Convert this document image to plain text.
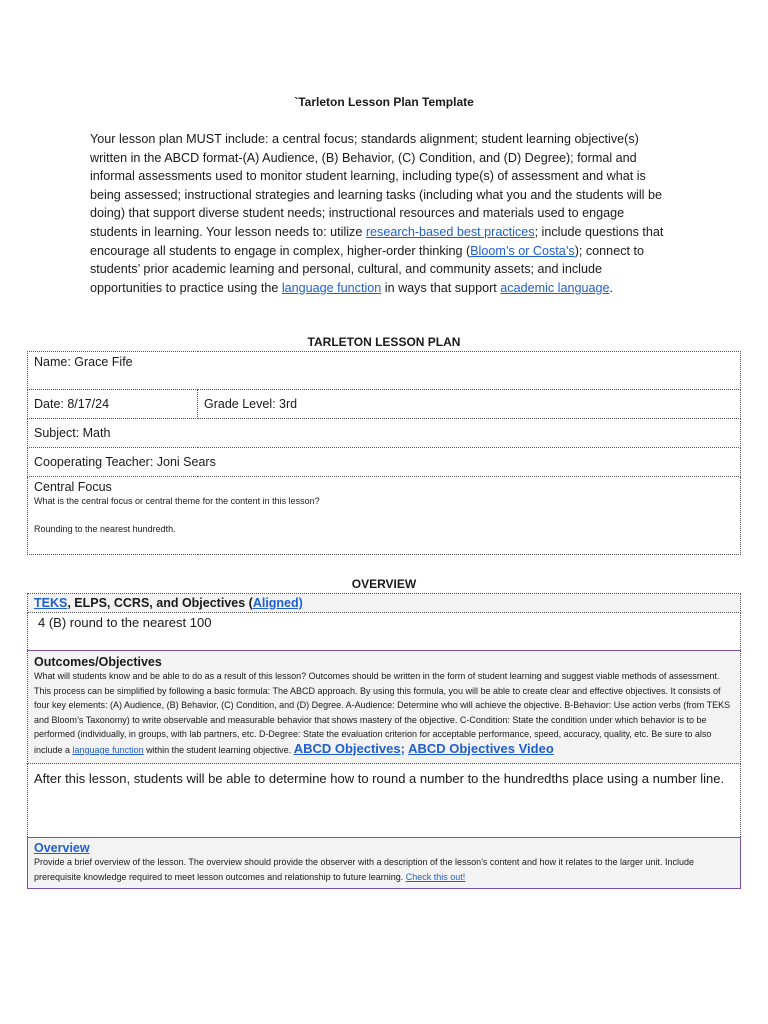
`Tarleton Lesson Plan Template
Your lesson plan MUST include: a central focus; standards alignment; student learning objective(s) written in the ABCD format-(A) Audience, (B) Behavior, (C) Condition, and (D) Degree); formal and informal assessments used to monitor student learning, including type(s) of assessment and what is being assessed; instructional strategies and learning tasks (including what you and the students will be doing) that support diverse student needs; instructional resources and materials used to engage students in learning. Your lesson needs to: utilize research-based best practices; include questions that encourage all students to engage in complex, higher-order thinking (Bloom’s or Costa’s); connect to students’ prior academic learning and personal, cultural, and community assets; and include opportunities to practice using the language function in ways that support academic language.
TARLETON LESSON PLAN
Name: Grace Fife
Date: 8/17/24	Grade Level: 3rd
Subject: Math
Cooperating Teacher: Joni Sears

Central Focus
What is the central focus or central theme for the content in this lesson?
Rounding to the nearest hundredth.
OVERVIEW
TEKS, ELPS, CCRS, and Objectives (Aligned)
4 (B) round to the nearest 100

Outcomes/Objectives
What will students know and be able to do as a result of this lesson? Outcomes should be written in the form of student learning and suggest viable methods of assessment. This process can be simplified by following a basic formula: The ABCD approach. By using this formula, you will be able to create clear and effective objectives. It consists of four key elements: (A) Audience, (B) Behavior, (C) Condition, and (D) Degree. A-Audience: Determine who will achieve the objective. B-Behavior: Use action verbs (from TEKS and Bloom’s Taxonomy) to write observable and measurable behavior that shows mastery of the objective. C-Condition: State the condition under which behavior is to be performed (individually, in groups, with lab partners, etc. D-Degree: State the evaluation criterion for acceptable performance, speed, accuracy, quality, etc. Be sure to also include a language function within the student learning objective. ABCD Objectives; ABCD Objectives Video

After this lesson, students will be able to determine how to round a number to the hundredths place using a number line.

Overview
Provide a brief overview of the lesson. The overview should provide the observer with a description of the lesson’s content and how it relates to the larger unit. Include prerequisite knowledge required to meet lesson outcomes and relationship to future learning. Check this out!
